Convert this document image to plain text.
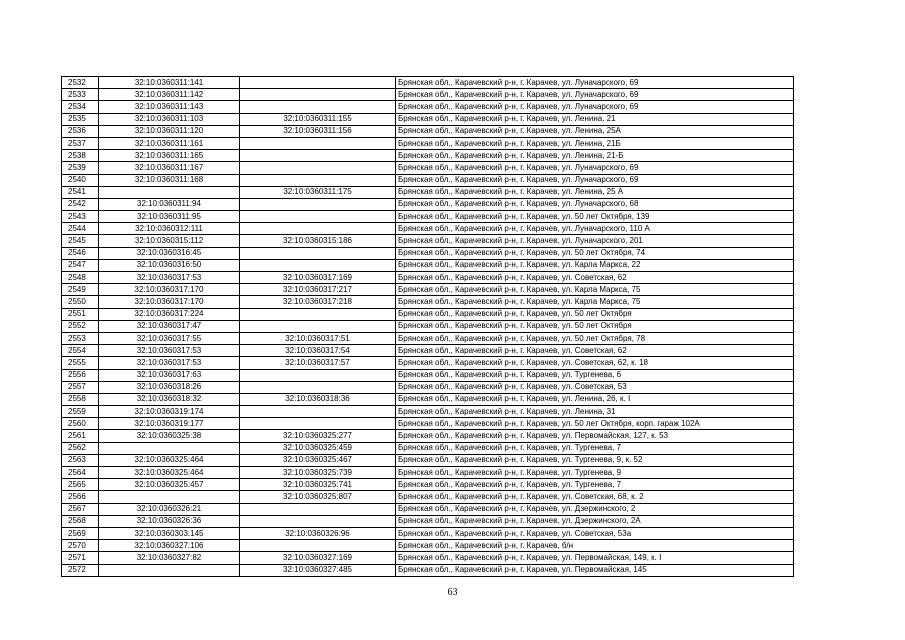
2532	32:10:0360311:141		Брянская обл., Карачевский р-н, г. Карачев, ул. Луначарского, 69
2533	32:10:0360311:142		Брянская обл., Карачевский р-н, г. Карачев, ул. Луначарского, 69
2534	32:10:0360311:143		Брянская обл., Карачевский р-н, г. Карачев, ул. Луначарского, 69
2535	32:10:0360311:103	32:10:0360311:155	Брянская обл., Карачевский р-н, г. Карачев, ул. Ленина, 21
2536	32:10:0360311:120	32:10:0360311:156	Брянская обл., Карачевский р-н, г. Карачев, ул. Ленина, 25А
2537	32:10:0360311:161		Брянская обл., Карачевский р-н, г. Карачев, ул. Ленина, 21Б
2538	32:10:0360311:165		Брянская обл., Карачевский р-н, г. Карачев, ул. Ленина, 21-Б
2539	32:10:0360311:167		Брянская обл., Карачевский р-н, г. Карачев, ул. Луначарского, 69
2540	32:10:0360311:168		Брянская обл., Карачевский р-н, г. Карачев, ул. Луначарского, 69
2541		32:10:0360311:175	Брянская обл., Карачевский р-н, г. Карачев, ул. Ленина, 25 А
2542	32:10:0360311:94		Брянская обл., Карачевский р-н, г. Карачев, ул. Луначарского, 68
2543	32:10:0360311:95		Брянская обл., Карачевский р-н, г. Карачев, ул. 50 лет Октября, 139
2544	32:10:0360312:111		Брянская обл., Карачевский р-н, г. Карачев, ул. Луначарского, 110 А
2545	32:10:0360315:112	32:10:0360315:186	Брянская обл., Карачевский р-н, г. Карачев, ул. Луначарского, 201
2546	32:10:0360316:45		Брянская обл., Карачевский р-н, г. Карачев, ул. 50 лет Октября, 74
2547	32:10:0360316:50		Брянская обл., Карачевский р-н, г. Карачев, ул. Карла Маркса, 22
2548	32:10:0360317:53	32:10:0360317:169	Брянская обл., Карачевский р-н, г. Карачев, ул. Советская, 62
2549	32:10:0360317:170	32:10:0360317:217	Брянская обл., Карачевский р-н, г. Карачев, ул. Карла Маркса, 75
2550	32:10:0360317:170	32:10:0360317:218	Брянская обл., Карачевский р-н, г. Карачев, ул. Карла Маркса, 75
2551	32:10:0360317:224		Брянская обл., Карачевский р-н, г. Карачев, ул. 50 лет Октября
2552	32:10:0360317:47		Брянская обл., Карачевский р-н, г. Карачев, ул. 50 лет Октября
2553	32:10:0360317:55	32:10:0360317:51	Брянская обл., Карачевский р-н, г. Карачев, ул. 50 лет Октября, 78
2554	32:10:0360317:53	32:10:0360317:54	Брянская обл., Карачевский р-н, г. Карачев, ул. Советская, 62
2555	32:10:0360317:53	32:10:0360317:57	Брянская обл., Карачевский р-н, г. Карачев, ул. Советская, 62, к. 18
2556	32:10:0360317:63		Брянская обл., Карачевский р-н, г. Карачев, ул. Тургенева, 6
2557	32:10:0360318:26		Брянская обл., Карачевский р-н, г. Карачев, ул. Советская, 53
2558	32:10:0360318:32	32:10:0360318:36	Брянская обл., Карачевский р-н, г. Карачев, ул. Ленина, 26, к. I
2559	32:10:0360319:174		Брянская обл., Карачевский р-н, г. Карачев, ул. Ленина, 31
2560	32:10:0360319:177		Брянская обл., Карачевский р-н, г. Карачев, ул. 50 лет Октября, корп. гараж 102А
2561	32:10:0360325:38	32:10:0360325:277	Брянская обл., Карачевский р-н, г. Карачев, ул. Первомайская, 127, к. 53
2562		32:10:0360325:459	Брянская обл., Карачевский р-н, г. Карачев, ул. Тургенева, 7
2563	32:10:0360325:464	32:10:0360325:467	Брянская обл., Карачевский р-н, г. Карачев, ул. Тургенева, 9, к. 52
2564	32:10:0360325:464	32:10:0360325:739	Брянская обл., Карачевский р-н, г. Карачев, ул. Тургенева, 9
2565	32:10:0360325:457	32:10:0360325:741	Брянская обл., Карачевский р-н, г. Карачев, ул. Тургенева, 7
2566		32:10:0360325:807	Брянская обл., Карачевский р-н, г. Карачев, ул. Советская, 68, к. 2
2567	32:10:0360326:21		Брянская обл., Карачевский р-н, г. Карачев, ул. Дзержинского, 2
2568	32:10:0360326:36		Брянская обл., Карачевский р-н, г. Карачев, ул. Дзержинского, 2А
2569	32:10:0360303:145	32:10:0360326:96	Брянская обл., Карачевский р-н, г. Карачев, ул. Советская, 53а
2570	32:10:0360327:106		Брянская обл., Карачевский р-н, г. Карачев, б/н
2571	32:10:0360327:82	32:10:0360327:169	Брянская обл., Карачевский р-н, г. Карачев, ул. Первомайская, 149, к. I
2572		32:10:0360327:485	Брянская обл., Карачевский р-н, г. Карачев, ул. Первомайская, 145
63
